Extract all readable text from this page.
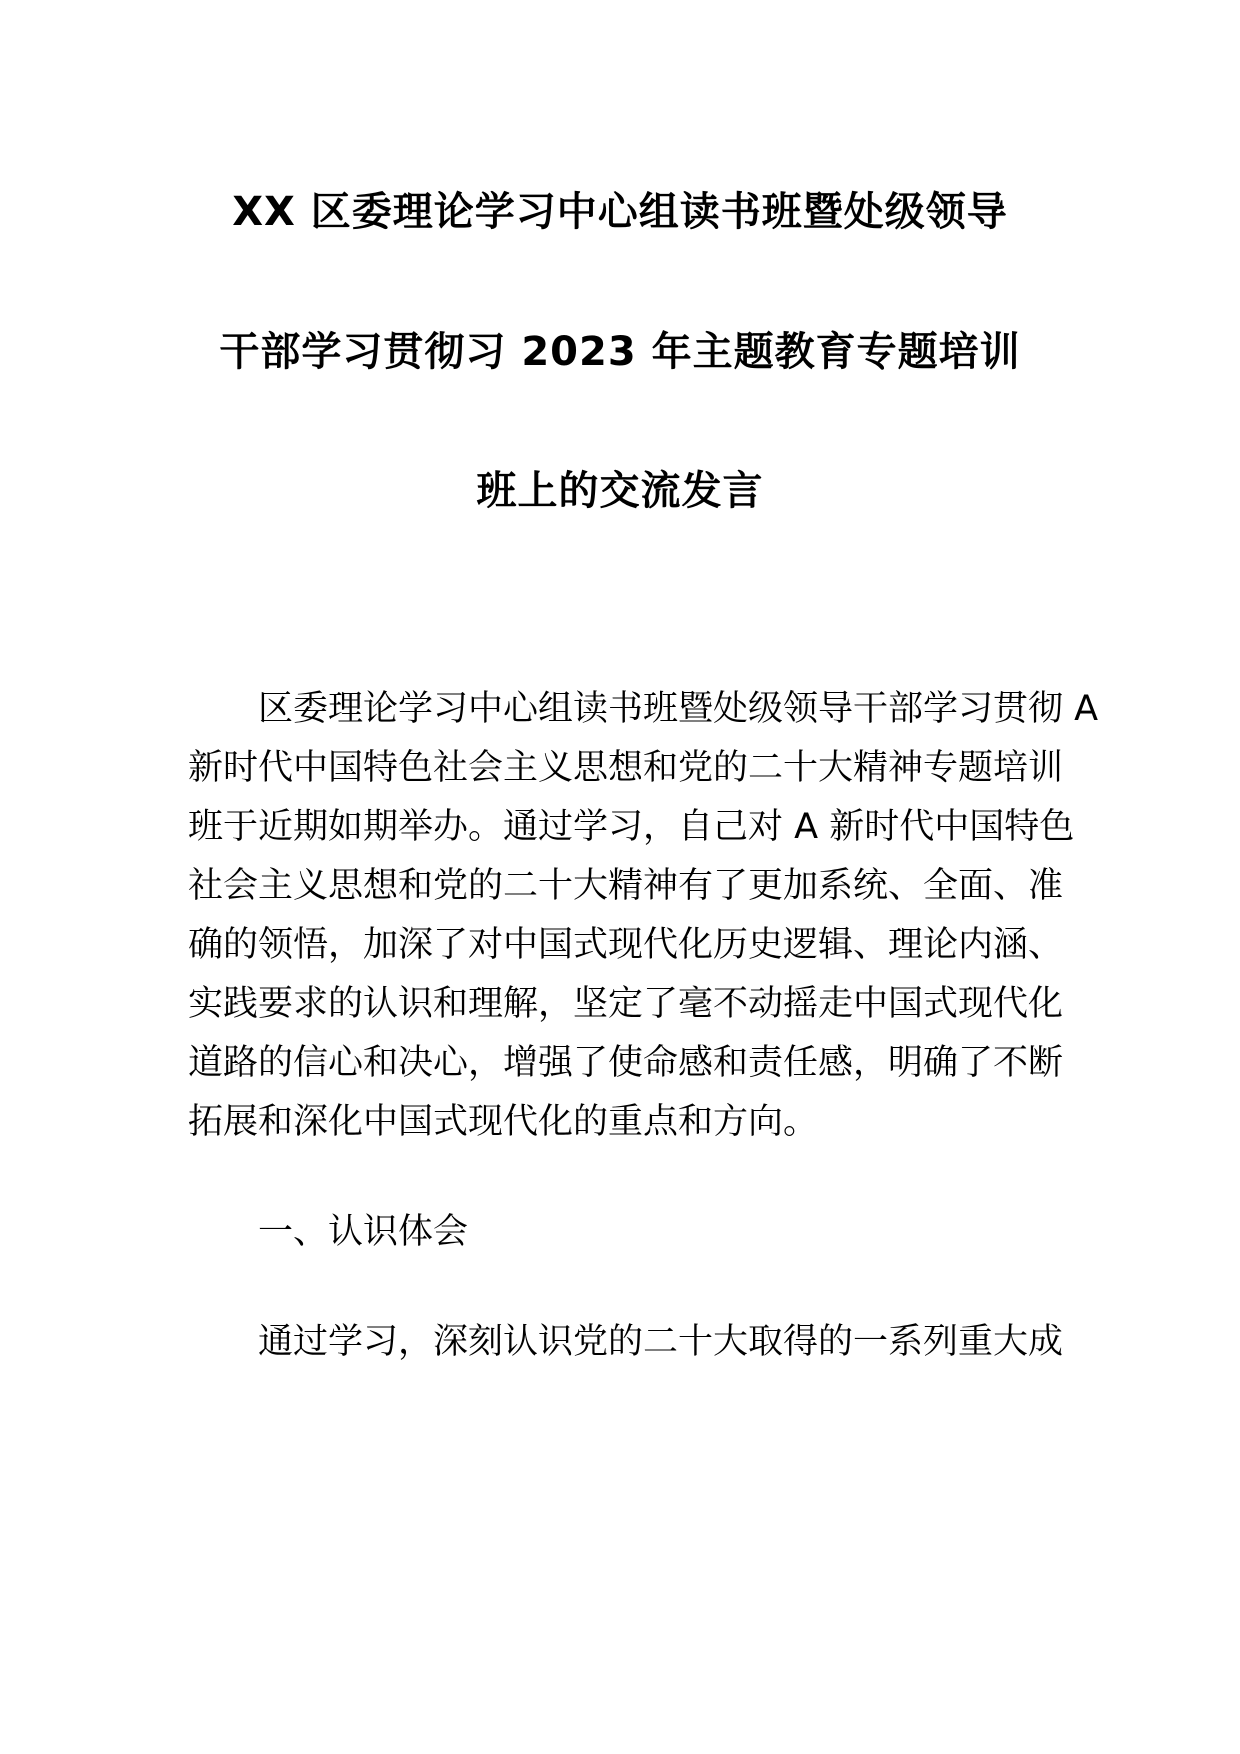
XX 区委理论学习中心组读书班暨处级领导
干部学习贯彻习 2023 年主题教育专题培训
班上的交流发言
区委理论学习中心组读书班暨处级领导干部学习贯彻 A
新时代中国特色社会主义思想和党的二十大精神专题培训
班于近期如期举办。通过学习，自己对 A 新时代中国特色
社会主义思想和党的二十大精神有了更加系统、全面、准
确的领悟，加深了对中国式现代化历史逻辑、理论内涵、
实践要求的认识和理解，坚定了毫不动摇走中国式现代化
道路的信心和决心，增强了使命感和责任感，明确了不断
拓展和深化中国式现代化的重点和方向。
一、认识体会
通过学习，深刻认识党的二十大取得的一系列重大成
